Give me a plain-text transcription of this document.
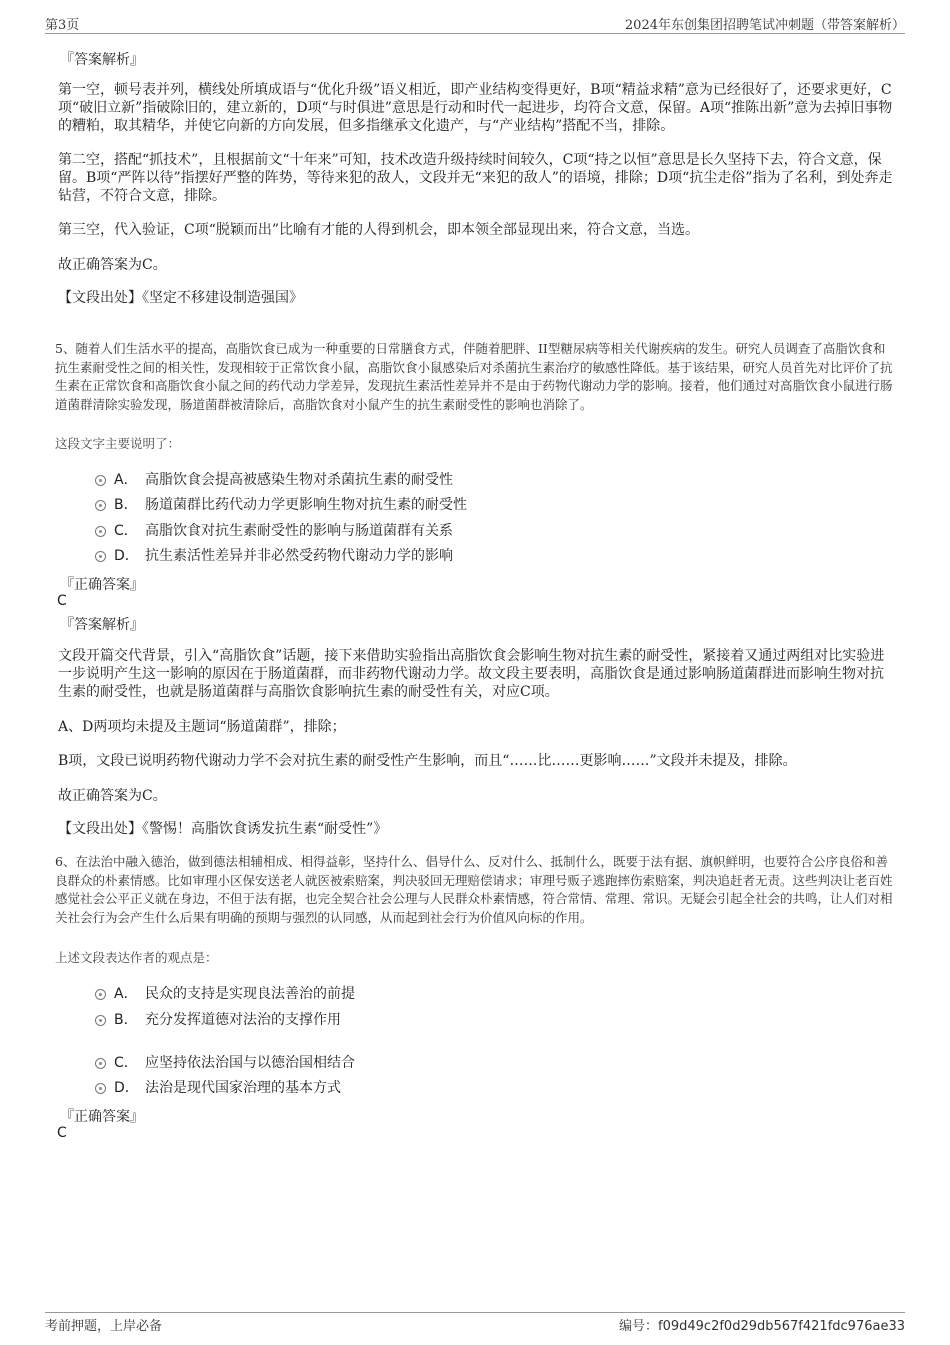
第3页	2024年东创集团招聘笔试冲刺题（带答案解析）
『答案解析』
第一空，顿号表并列，横线处所填成语与“优化升级”语义相近，即产业结构变得更好，B项“精益求精”意为已经很好了，还要求更好，C项“破旧立新”指破除旧的，建立新的，D项“与时俱进”意思是行动和时代一起进步，均符合文意，保留。A项“推陈出新”意为去掉旧事物的糟粕，取其精华，并使它向新的方向发展，但多指继承文化遗产，与“产业结构”搭配不当，排除。
第二空，搭配“抓技术”，且根据前文“十年来”可知，技术改造升级持续时间较久，C项“持之以恒”意思是长久坚持下去，符合文意，保留。B项“严阵以待”指摆好严整的阵势，等待来犯的敌人，文段并无“来犯的敌人”的语境，排除；D项“抗尘走俗”指为了名利，到处奔走钻营，不符合文意，排除。
第三空，代入验证，C项“脱颖而出”比喻有才能的人得到机会，即本领全部显现出来，符合文意，当选。
故正确答案为C。
【文段出处】《坚定不移建设制造强国》
5、随着人们生活水平的提高，高脂饮食已成为一种重要的日常膳食方式，伴随着肥胖、II型糖尿病等相关代谢疾病的发生。研究人员调查了高脂饮食和抗生素耐受性之间的相关性，发现相较于正常饮食小鼠，高脂饮食小鼠感染后对杀菌抗生素治疗的敏感性降低。基于该结果，研究人员首先对比评价了抗生素在正常饮食和高脂饮食小鼠之间的药代动力学差异，发现抗生素活性差异并不是由于药物代谢动力学的影响。接着，他们通过对高脂饮食小鼠进行肠道菌群清除实验发现，肠道菌群被清除后，高脂饮食对小鼠产生的抗生素耐受性的影响也消除了。
这段文字主要说明了：
A． 高脂饮食会提高被感染生物对杀菌抗生素的耐受性
B． 肠道菌群比药代动力学更影响生物对抗生素的耐受性
C． 高脂饮食对抗生素耐受性的影响与肠道菌群有关系
D． 抗生素活性差异并非必然受药物代谢动力学的影响
『正确答案』
C
『答案解析』
文段开篇交代背景，引入“高脂饮食”话题，接下来借助实验指出高脂饮食会影响生物对抗生素的耐受性，紧接着又通过两组对比实验进一步说明产生这一影响的原因在于肠道菌群，而非药物代谢动力学。故文段主要表明，高脂饮食是通过影响肠道菌群进而影响生物对抗生素的耐受性，也就是肠道菌群与高脂饮食影响抗生素的耐受性有关，对应C项。
A、D两项均未提及主题词“肠道菌群”，排除；
B项，文段已说明药物代谢动力学不会对抗生素的耐受性产生影响，而且“……比……更影响……”文段并未提及，排除。
故正确答案为C。
【文段出处】《警惕！高脂饮食诱发抗生素“耐受性”》
6、在法治中融入德治，做到德法相辅相成、相得益彰，坚持什么、倡导什么、反对什么、抵制什么，既要于法有据、旗帜鲜明，也要符合公序良俗和善良群众的朴素情感。比如审理小区保安送老人就医被索赔案，判决驳回无理赔偿请求；审理号贩子逃跑摔伤索赔案，判决追赶者无责。这些判决让老百姓感觉社会公平正义就在身边，不但于法有据，也完全契合社会公理与人民群众朴素情感，符合常情、常理、常识。无疑会引起全社会的共鸣，让人们对相关社会行为会产生什么后果有明确的预期与强烈的认同感，从而起到社会行为价值风向标的作用。
上述文段表达作者的观点是：
A． 民众的支持是实现良法善治的前提
B． 充分发挥道德对法治的支撑作用
C． 应坚持依法治国与以德治国相结合
D． 法治是现代国家治理的基本方式
『正确答案』
C
考前押题，上岸必备	编号：f09d49c2f0d29db567f421fdc976ae33
